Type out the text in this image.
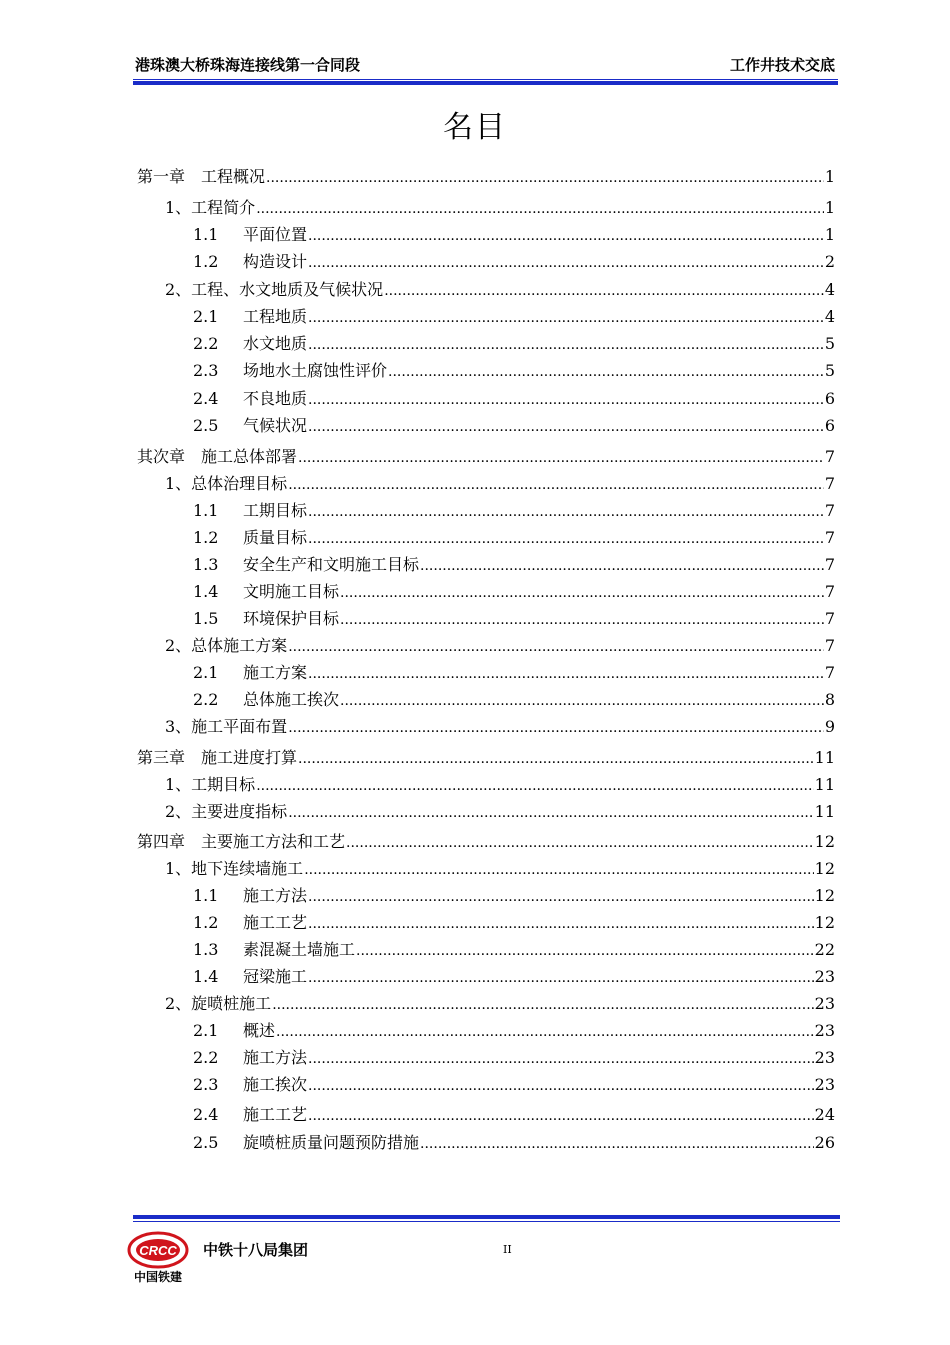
港珠澳大桥珠海连接线第一合同段	工作井技术交底
名目
第一章　工程概况 .....	1
1、工程简介 .....	1
1.1 平面位置 .....	1
1.2 构造设计 .....	2
2、工程、水文地质及气候状况 .....	4
2.1 工程地质 .....	4
2.2 水文地质 .....	5
2.3 场地水土腐蚀性评价 .....	5
2.4 不良地质 .....	6
2.5 气候状况 .....	6
其次章　施工总体部署 .....	7
1、总体治理目标 .....	7
1.1 工期目标 .....	7
1.2 质量目标 .....	7
1.3 安全生产和文明施工目标 .....	7
1.4 文明施工目标 .....	7
1.5 环境保护目标 .....	7
2、总体施工方案 .....	7
2.1 施工方案 .....	7
2.2 总体施工挨次 .....	8
3、施工平面布置 .....	9
第三章　施工进度打算 .....	11
1、工期目标 .....	11
2、主要进度指标 .....	11
第四章　主要施工方法和工艺 .....	12
1、地下连续墙施工 .....	12
1.1 施工方法 .....	12
1.2 施工工艺 .....	12
1.3 素混凝土墙施工 .....	22
1.4 冠梁施工 .....	23
2、旋喷桩施工 .....	23
2.1 概述 .....	23
2.2 施工方法 .....	23
2.3 施工挨次 .....	23
2.4 施工工艺 .....	24
2.5 旋喷桩质量问题预防措施 .....	26
CRCC
中国铁建
中铁十八局集团	II
